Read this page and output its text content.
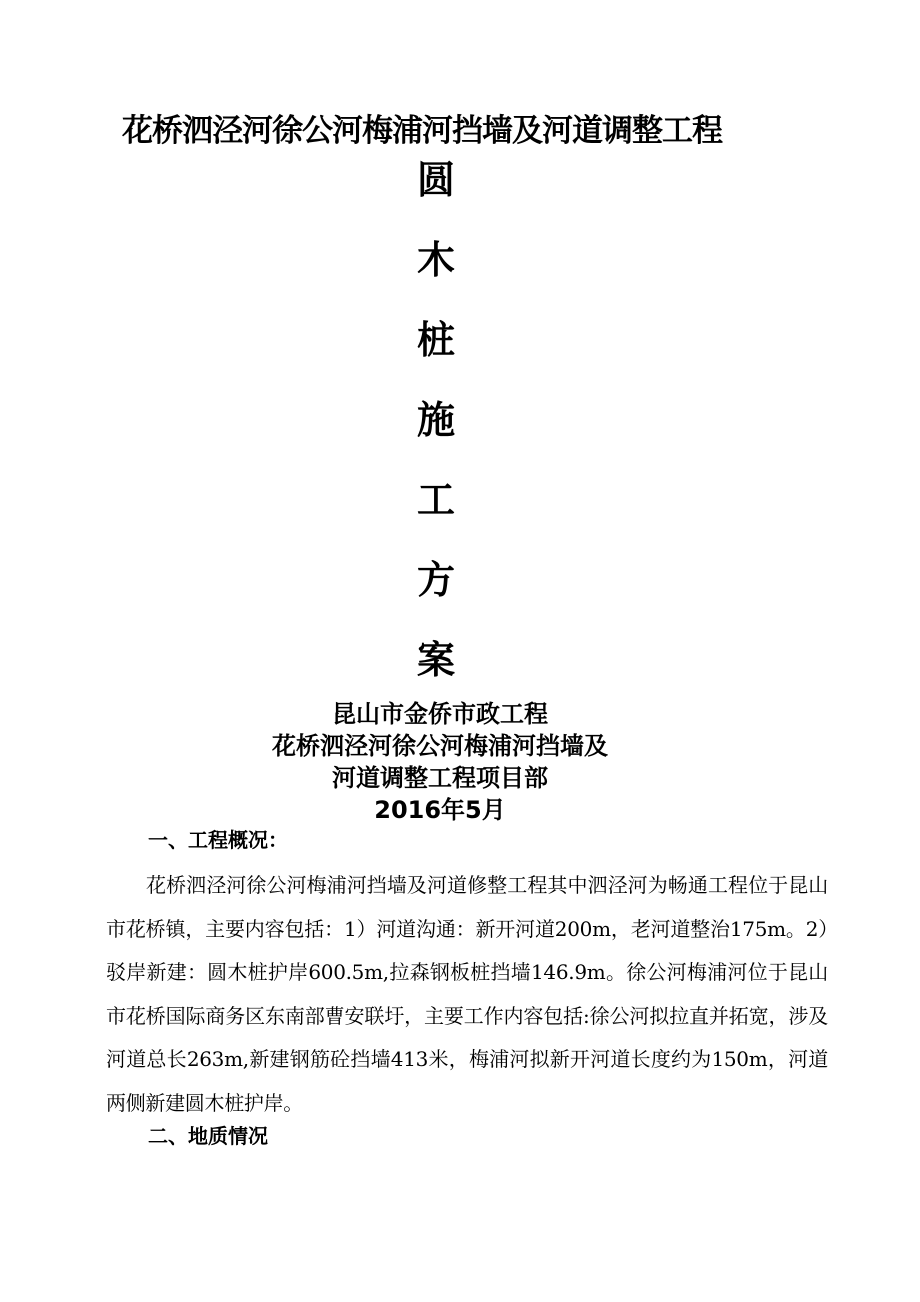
花桥泗泾河徐公河梅浦河挡墙及河道调整工程
圆
木
桩
施
工
方
案
昆山市金侨市政工程
花桥泗泾河徐公河梅浦河挡墙及
河道调整工程项目部
2016年5月
一、工程概况：
花桥泗泾河徐公河梅浦河挡墙及河道修整工程其中泗泾河为畅通工程位于昆山市花桥镇，主要内容包括：1）河道沟通：新开河道200m，老河道整治175m。2）驳岸新建：圆木桩护岸600.5m,拉森钢板桩挡墙146.9m。徐公河梅浦河位于昆山市花桥国际商务区东南部曹安联圩，主要工作内容包括:徐公河拟拉直并拓宽，涉及河道总长263m,新建钢筋砼挡墙413米，梅浦河拟新开河道长度约为150m，河道两侧新建圆木桩护岸。
二、地质情况
